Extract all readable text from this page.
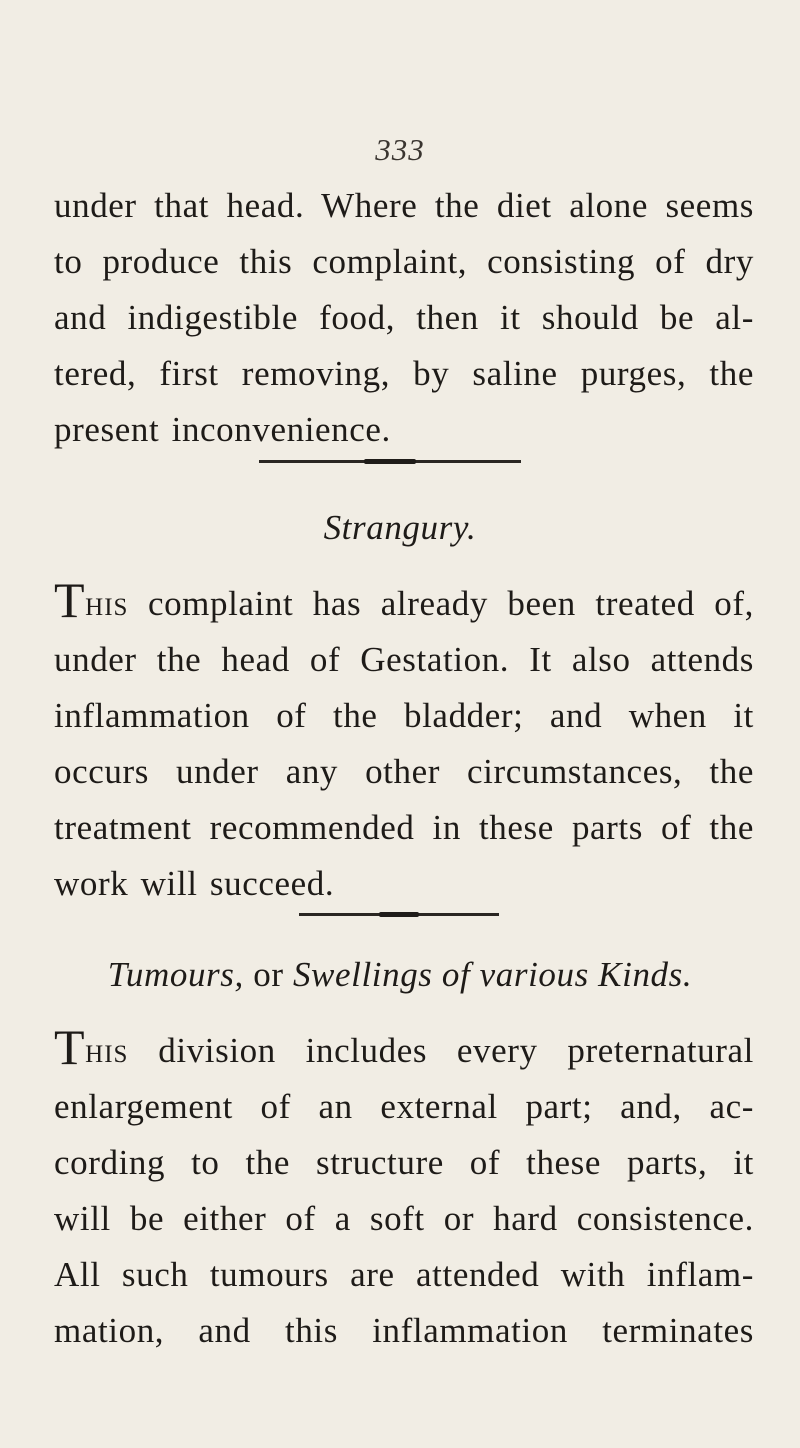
333
under that head. Where the diet alone seems
to produce this complaint, consisting of dry
and indigestible food, then it should be al-
tered, first removing, by saline purges, the
present inconvenience.
Strangury.
This complaint has already been treated of,
under the head of Gestation. It also attends
inflammation of the bladder; and when it
occurs under any other circumstances, the
treatment recommended in these parts of the
work will succeed.
Tumours, or Swellings of various Kinds.
This division includes every preternatural
enlargement of an external part; and, ac-
cording to the structure of these parts, it
will be either of a soft or hard consistence.
All such tumours are attended with inflam-
mation, and this inflammation terminates
